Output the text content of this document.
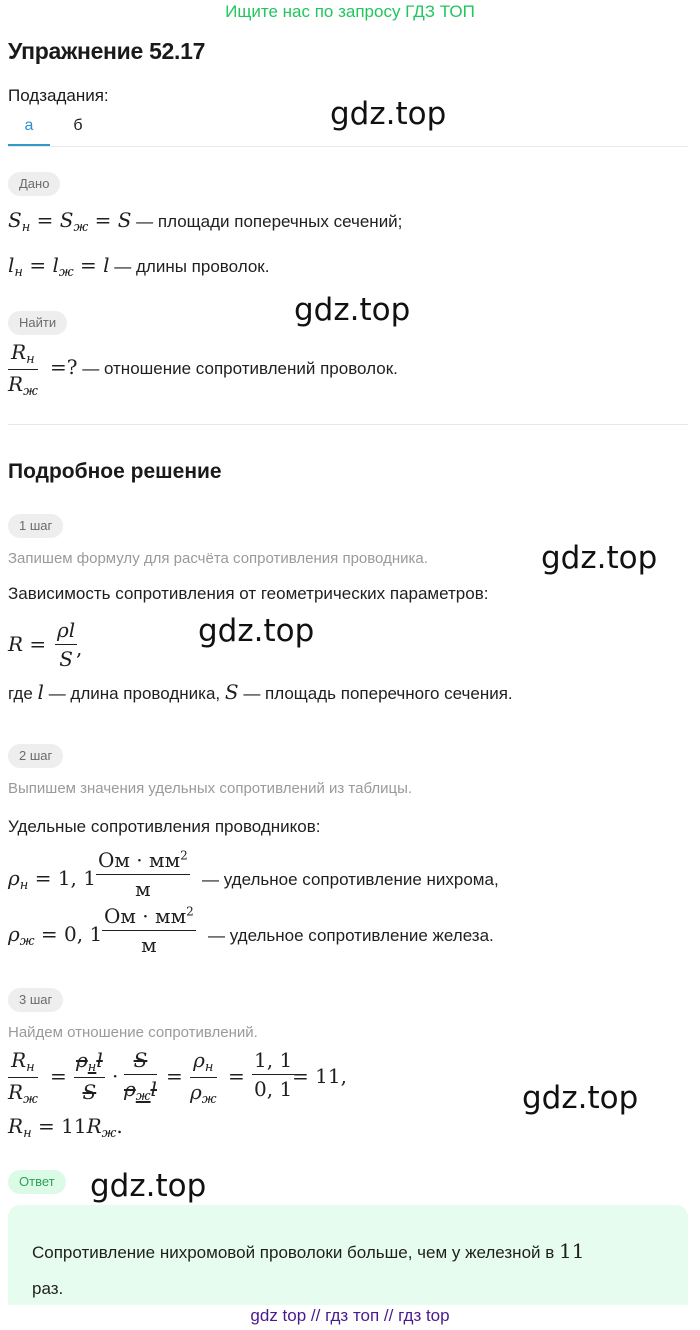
Ищите нас по запросу ГДЗ ТОП
Упражнение 52.17
Подзадания:
а	б	gdz.top
Дано
$S_н = S_ж = S$ — площади поперечных сечений;
$l_н = l_ж = l$ — длины проволок.
gdz.top
Найти
$R_н$
$R_ж$
=? — отношение сопротивлений проволок.
Подробное решение
1 шаг
Запишем формулу для расчёта сопротивления проводника.	gdz.top
Зависимость сопротивления от геометрических параметров:
$R = \frac{\rho l}{S}$
,	gdz.top
где l — длина проводника, S — площадь поперечного сечения.
2 шаг
Выпишем значения удельных сопротивлений из таблицы.
Удельные сопротивления проводников:
$\rho_н = 1$, 1
Ом · $мм^2$
м	— удельное сопротивление нихрома,
$\rho_ж = 0$, 1
Ом · $мм^2$
м	— удельное сопротивление железа.
3 шаг
Найдем отношение сопротивлений.
$R_н$
$R_ж$
=
$\rho_нl$
S
·
S
$\rho_жl$
=
$\rho_н$
$\rho_ж$
= $\frac{1, 1}{0, 1}$
= 11,
$R_н = 11R_ж$.
gdz.top
Ответ	gdz.top
Сопротивление нихромовой проволоки больше, чем у железной в 11
раз.
gdz top // гдз топ // гдз top
